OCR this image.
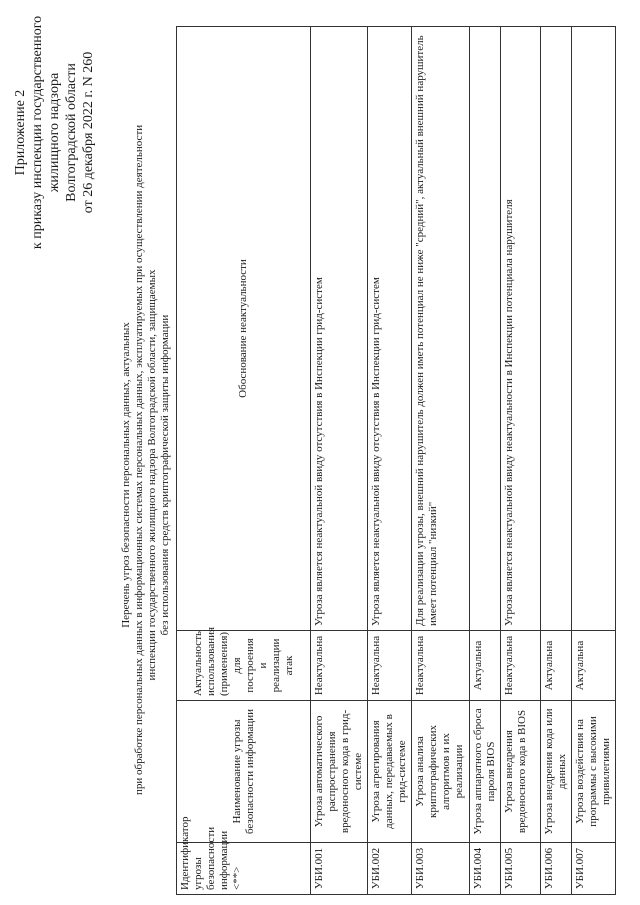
Приложение 2 к приказу инспекции государственного жилищного надзора Волгоградской области от 26 декабря 2022 г. N 260
Перечень угроз безопасности персональных данных, актуальных при обработке персональных данных в информационных системах персональных данных, эксплуатируемых при осуществлении деятельности инспекции государственного жилищного надзора Волгоградской области, защищаемых без использования средств криптографической защиты информации
Идентификатор угрозы безопасности информации <**>	Наименование угрозы безопасности информации	Актуальность использования (применения) для построения и реализации атак	Обоснование неактуальности
УБИ.001	Угроза автоматического распространения вредоносного кода в грид-системе	Неактуальна	Угроза является неактуальной ввиду отсутствия в Инспекции грид-систем
УБИ.002	Угроза агрегирования данных, передаваемых в грид-системе	Неактуальна	Угроза является неактуальной ввиду отсутствия в Инспекции грид-систем
УБИ.003	Угроза анализа криптографических алгоритмов и их реализации	Неактуальна	Для реализации угрозы, внешний нарушитель должен иметь потенциал не ниже "средний", актуальный внешний нарушитель имеет потенциал "низкий"
УБИ.004	Угроза аппаратного сброса пароля BIOS	Актуальна	
УБИ.005	Угроза внедрения вредоносного кода в BIOS	Неактуальна	Угроза является неактуальной ввиду неактуальности в Инспекции потенциала нарушителя
УБИ.006	Угроза внедрения кода или данных	Актуальна	
УБИ.007	Угроза воздействия на программы с высокими привилегиями	Актуальна	
